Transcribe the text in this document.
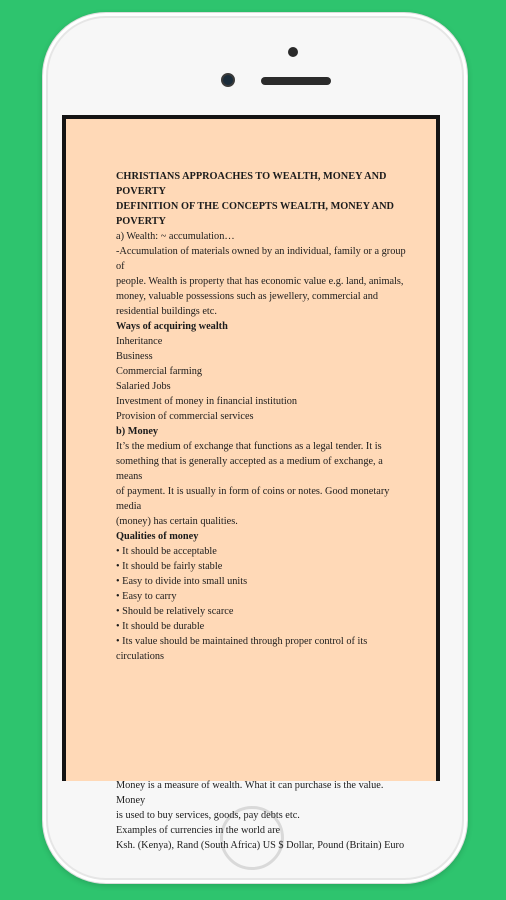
CHRISTIANS APPROACHES TO WEALTH, MONEY AND

POVERTY

DEFINITION OF THE CONCEPTS WEALTH, MONEY AND

POVERTY

a) Wealth: ~ accumulation…

-Accumulation of materials owned by an individual, family or a group of

people. Wealth is property that has economic value e.g. land, animals,

money, valuable possessions such as jewellery, commercial and

residential buildings etc.

Ways of acquiring wealth

Inheritance

Business

Commercial farming

Salaried Jobs

Investment of money in financial institution

Provision of commercial services

b) Money

It’s the medium of exchange that functions as a legal tender. It is

something that is generally accepted as a medium of exchange, a means

of payment. It is usually in form of coins or notes. Good monetary media

(money) has certain qualities.

Qualities of money

• It should be acceptable

• It should be fairly stable

• Easy to divide into small units

• Easy to carry

• Should be relatively scarce

• It should be durable

• Its value should be maintained through proper control of its

circulations

Money is a measure of wealth. What it can purchase is the value. Money

is used to buy services, goods, pay debts etc.

Examples of currencies in the world are

Ksh. (Kenya), Rand (South Africa) US $ Dollar, Pound (Britain) Euro
